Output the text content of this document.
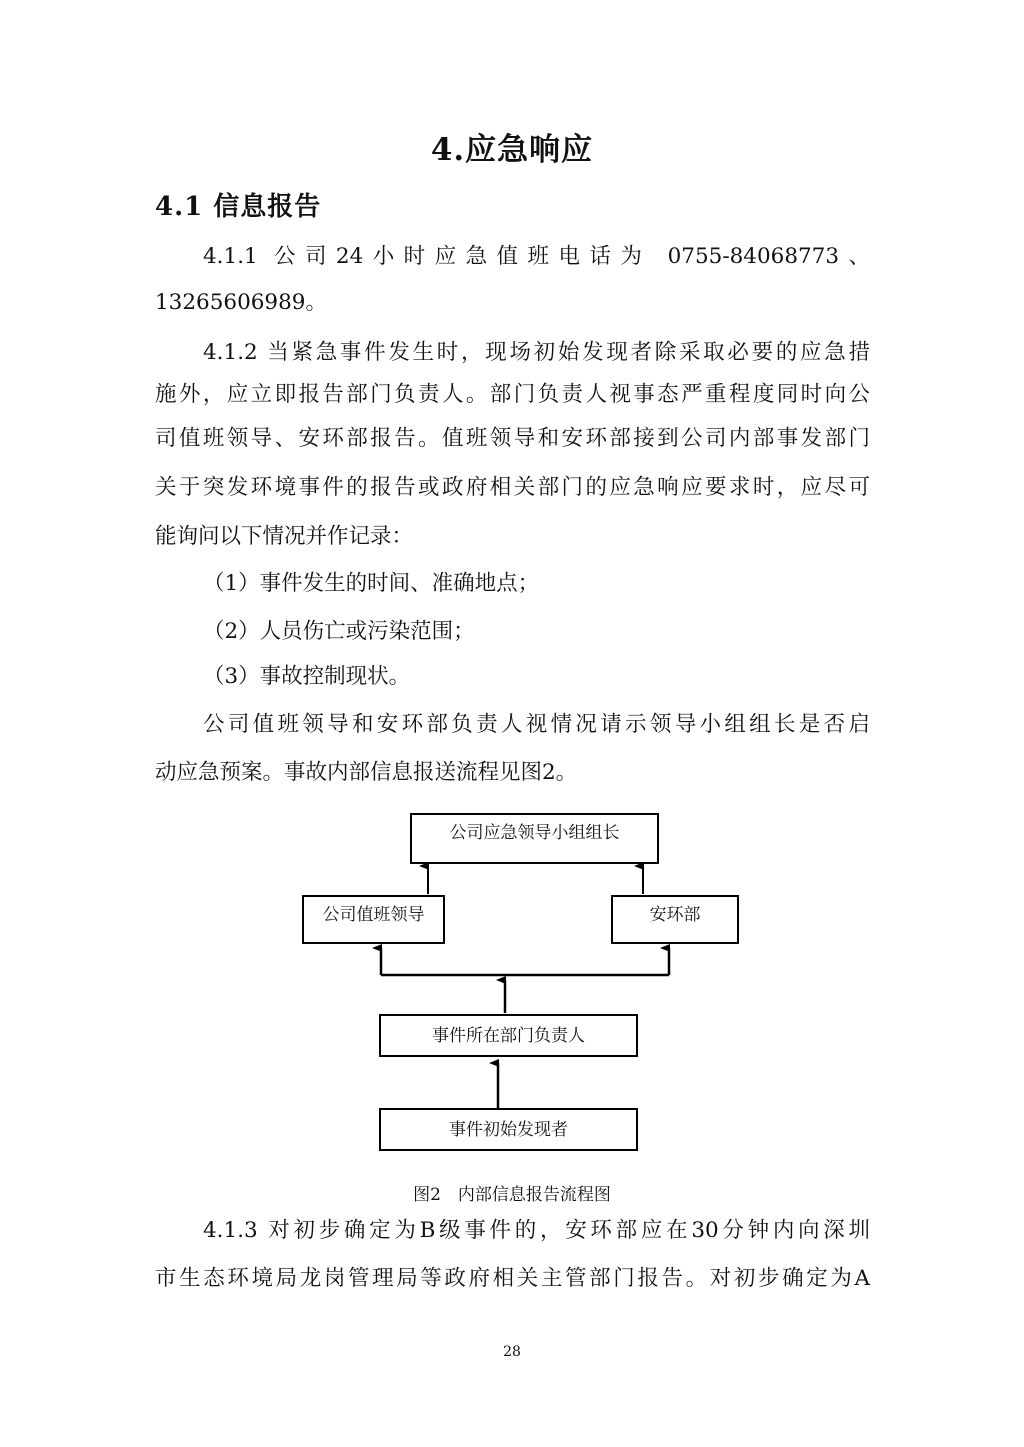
4.应急响应
4.1 信息报告
4.1.1 公司24小时应急值班电话为 0755-84068773、
13265606989。
4.1.2 当紧急事件发生时，现场初始发现者除采取必要的应急措
施外，应立即报告部门负责人。部门负责人视事态严重程度同时向公
司值班领导、安环部报告。值班领导和安环部接到公司内部事发部门
关于突发环境事件的报告或政府相关部门的应急响应要求时，应尽可
能询问以下情况并作记录：
（1）事件发生的时间、准确地点；
（2）人员伤亡或污染范围；
（3）事故控制现状。
公司值班领导和安环部负责人视情况请示领导小组组长是否启
动应急预案。事故内部信息报送流程见图2。
公司应急领导小组组长
公司值班领导	安环部
事件所在部门负责人
事件初始发现者
图2　内部信息报告流程图
4.1.3 对初步确定为B级事件的，安环部应在30分钟内向深圳
市生态环境局龙岗管理局等政府相关主管部门报告。对初步确定为A
28
